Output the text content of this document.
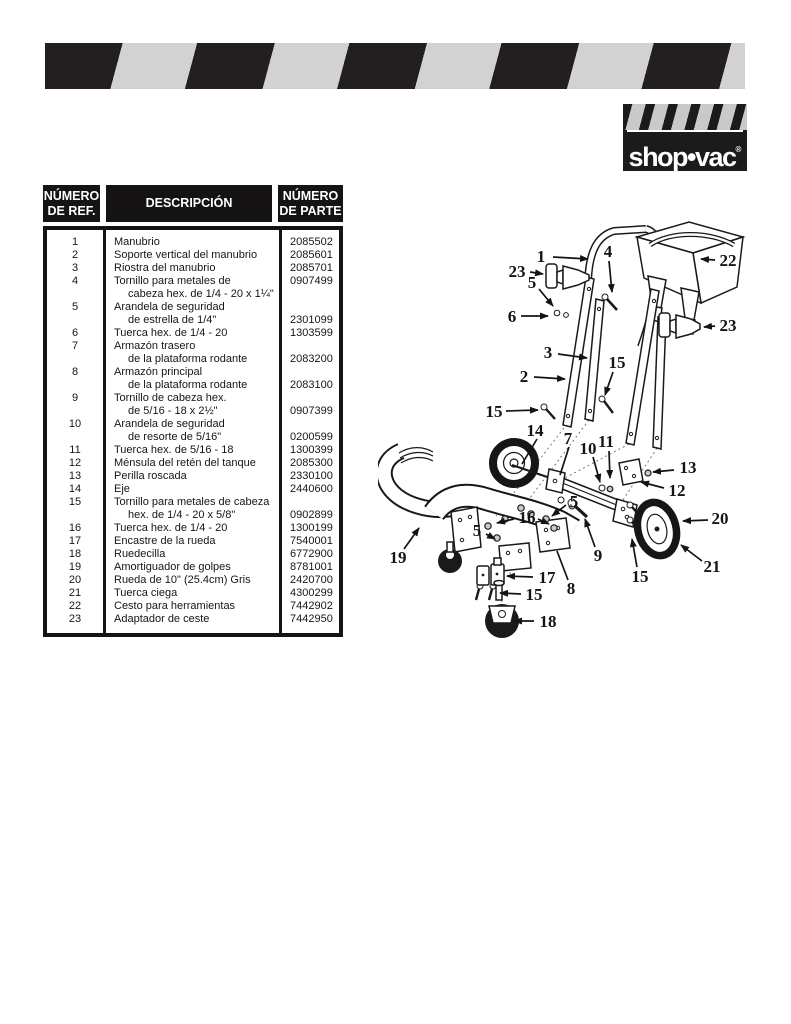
shop•vac®
NÚMERO
DE REF.
DESCRIPCIÓN
NÚMERO
DE PARTE
1
2
3
4
5
6
7
8
9
10
11
12
13
14
15
16
17
18
19
20
21
22
23
Manubrio
Soporte vertical del manubrio
Riostra del manubrio
Tornillo para metales de
cabeza hex. de 1/4 - 20 x 1¼"
Arandela de seguridad
de estrella de 1/4"
Tuerca hex. de 1/4 - 20
Armazón trasero
de la plataforma rodante
Armazón principal
de la plataforma rodante
Tornillo de cabeza hex.
de 5/16 - 18 x 2½"
Arandela de seguridad
de resorte de 5/16"
Tuerca hex. de 5/16 - 18
Ménsula del retén del tanque
Perilla roscada
Eje
Tornillo para metales de cabeza
hex. de 1/4 - 20 x 5/8"
Tuerca hex. de 1/4 - 20
Encastre de la rueda
Ruedecilla
Amortiguador de golpes
Rueda de 10" (25.4cm) Gris
Tuerca ciega
Cesto para herramientas
Adaptador de ceste
2085502
2085601
2085701
0907499
2301099
1303599
2083200
2083100
0907399
0200599
1300399
2085300
2330100
2440600
0902899
1300199
7540001
6772900
8781001
2420700
4300299
7442902
7442950
1
23
4
5
6
22
23
3
2
15
15
14 7
10 11
13
12
20
21
15
9
8
16
5
5
17
15
18
19
